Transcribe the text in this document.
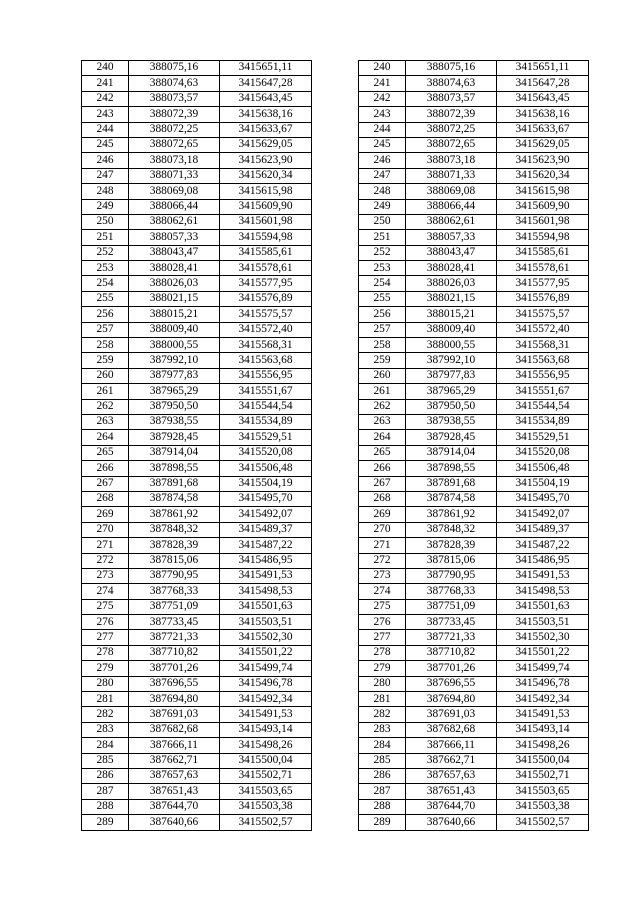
240	388075,16	3415651,11
241	388074,63	3415647,28
242	388073,57	3415643,45
243	388072,39	3415638,16
244	388072,25	3415633,67
245	388072,65	3415629,05
246	388073,18	3415623,90
247	388071,33	3415620,34
248	388069,08	3415615,98
249	388066,44	3415609,90
250	388062,61	3415601,98
251	388057,33	3415594,98
252	388043,47	3415585,61
253	388028,41	3415578,61
254	388026,03	3415577,95
255	388021,15	3415576,89
256	388015,21	3415575,57
257	388009,40	3415572,40
258	388000,55	3415568,31
259	387992,10	3415563,68
260	387977,83	3415556,95
261	387965,29	3415551,67
262	387950,50	3415544,54
263	387938,55	3415534,89
264	387928,45	3415529,51
265	387914,04	3415520,08
266	387898,55	3415506,48
267	387891,68	3415504,19
268	387874,58	3415495,70
269	387861,92	3415492,07
270	387848,32	3415489,37
271	387828,39	3415487,22
272	387815,06	3415486,95
273	387790,95	3415491,53
274	387768,33	3415498,53
275	387751,09	3415501,63
276	387733,45	3415503,51
277	387721,33	3415502,30
278	387710,82	3415501,22
279	387701,26	3415499,74
280	387696,55	3415496,78
281	387694,80	3415492,34
282	387691,03	3415491,53
283	387682,68	3415493,14
284	387666,11	3415498,26
285	387662,71	3415500,04
286	387657,63	3415502,71
287	387651,43	3415503,65
288	387644,70	3415503,38
289	387640,66	3415502,57
240	388075,16	3415651,11
241	388074,63	3415647,28
242	388073,57	3415643,45
243	388072,39	3415638,16
244	388072,25	3415633,67
245	388072,65	3415629,05
246	388073,18	3415623,90
247	388071,33	3415620,34
248	388069,08	3415615,98
249	388066,44	3415609,90
250	388062,61	3415601,98
251	388057,33	3415594,98
252	388043,47	3415585,61
253	388028,41	3415578,61
254	388026,03	3415577,95
255	388021,15	3415576,89
256	388015,21	3415575,57
257	388009,40	3415572,40
258	388000,55	3415568,31
259	387992,10	3415563,68
260	387977,83	3415556,95
261	387965,29	3415551,67
262	387950,50	3415544,54
263	387938,55	3415534,89
264	387928,45	3415529,51
265	387914,04	3415520,08
266	387898,55	3415506,48
267	387891,68	3415504,19
268	387874,58	3415495,70
269	387861,92	3415492,07
270	387848,32	3415489,37
271	387828,39	3415487,22
272	387815,06	3415486,95
273	387790,95	3415491,53
274	387768,33	3415498,53
275	387751,09	3415501,63
276	387733,45	3415503,51
277	387721,33	3415502,30
278	387710,82	3415501,22
279	387701,26	3415499,74
280	387696,55	3415496,78
281	387694,80	3415492,34
282	387691,03	3415491,53
283	387682,68	3415493,14
284	387666,11	3415498,26
285	387662,71	3415500,04
286	387657,63	3415502,71
287	387651,43	3415503,65
288	387644,70	3415503,38
289	387640,66	3415502,57
